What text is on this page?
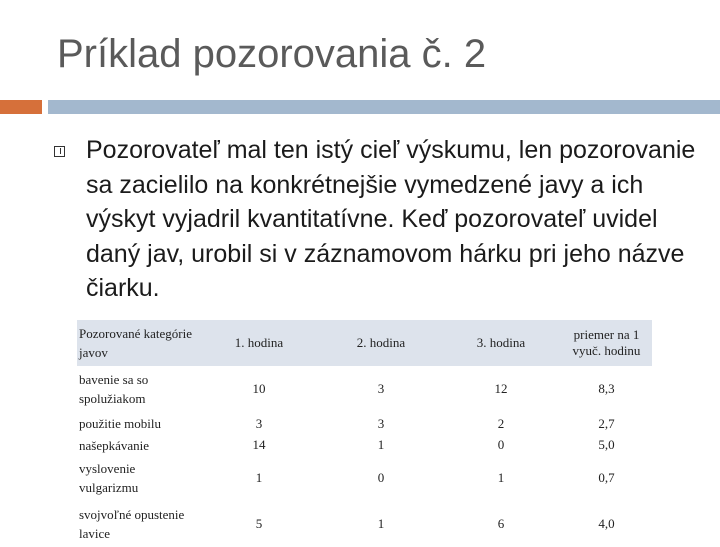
Príklad pozorovania č. 2
Pozorovateľ mal ten istý cieľ výskumu, len pozorovanie sa zacielilo na konkrétnejšie vymedzené javy a ich výskyt vyjadril kvantitatívne. Keď pozorovateľ uvidel daný jav, urobil si v záznamovom hárku pri jeho názve čiarku.
Pozorované kategórie javov	1. hodina	2. hodina	3. hodina	priemer na 1 vyuč. hodinu
bavenie sa so spolužiakom	10	3	12	8,3
použitie mobilu	3	3	2	2,7
našepkávanie	14	1	0	5,0
vyslovenie vulgarizmu	1	0	1	0,7
svojvoľné opustenie lavice	5	1	6	4,0
